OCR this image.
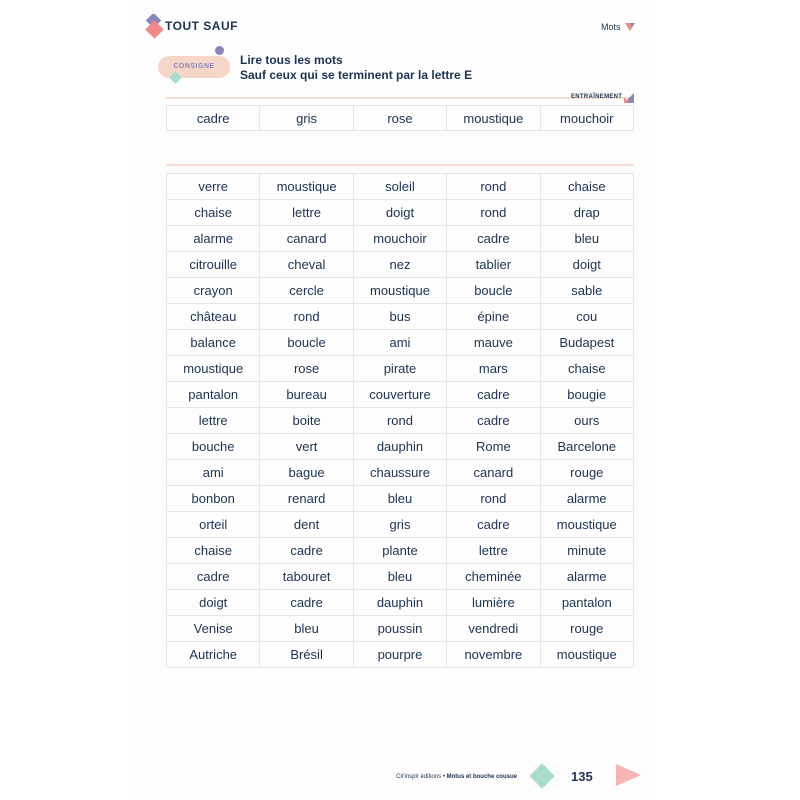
TOUT SAUF	Mots
CONSIGNE	Lire tous les mots
Sauf ceux qui se terminent par la lettre E
ENTRAÎNEMENT
cadre	gris	rose	moustique	mouchoir
verre	moustique	soleil	rond	chaise
chaise	lettre	doigt	rond	drap
alarme	canard	mouchoir	cadre	bleu
citrouille	cheval	nez	tablier	doigt
crayon	cercle	moustique	boucle	sable
château	rond	bus	épine	cou
balance	boucle	ami	mauve	Budapest
moustique	rose	pirate	mars	chaise
pantalon	bureau	couverture	cadre	bougie
lettre	boite	rond	cadre	ours
bouche	vert	dauphin	Rome	Barcelone
ami	bague	chaussure	canard	rouge
bonbon	renard	bleu	rond	alarme
orteil	dent	gris	cadre	moustique
chaise	cadre	plante	lettre	minute
cadre	tabouret	bleu	cheminée	alarme
doigt	cadre	dauphin	lumière	pantalon
Venise	bleu	poussin	vendredi	rouge
Autriche	Brésil	pourpre	novembre	moustique
Cit'inspir éditions • Motus et bouche cousue	135
